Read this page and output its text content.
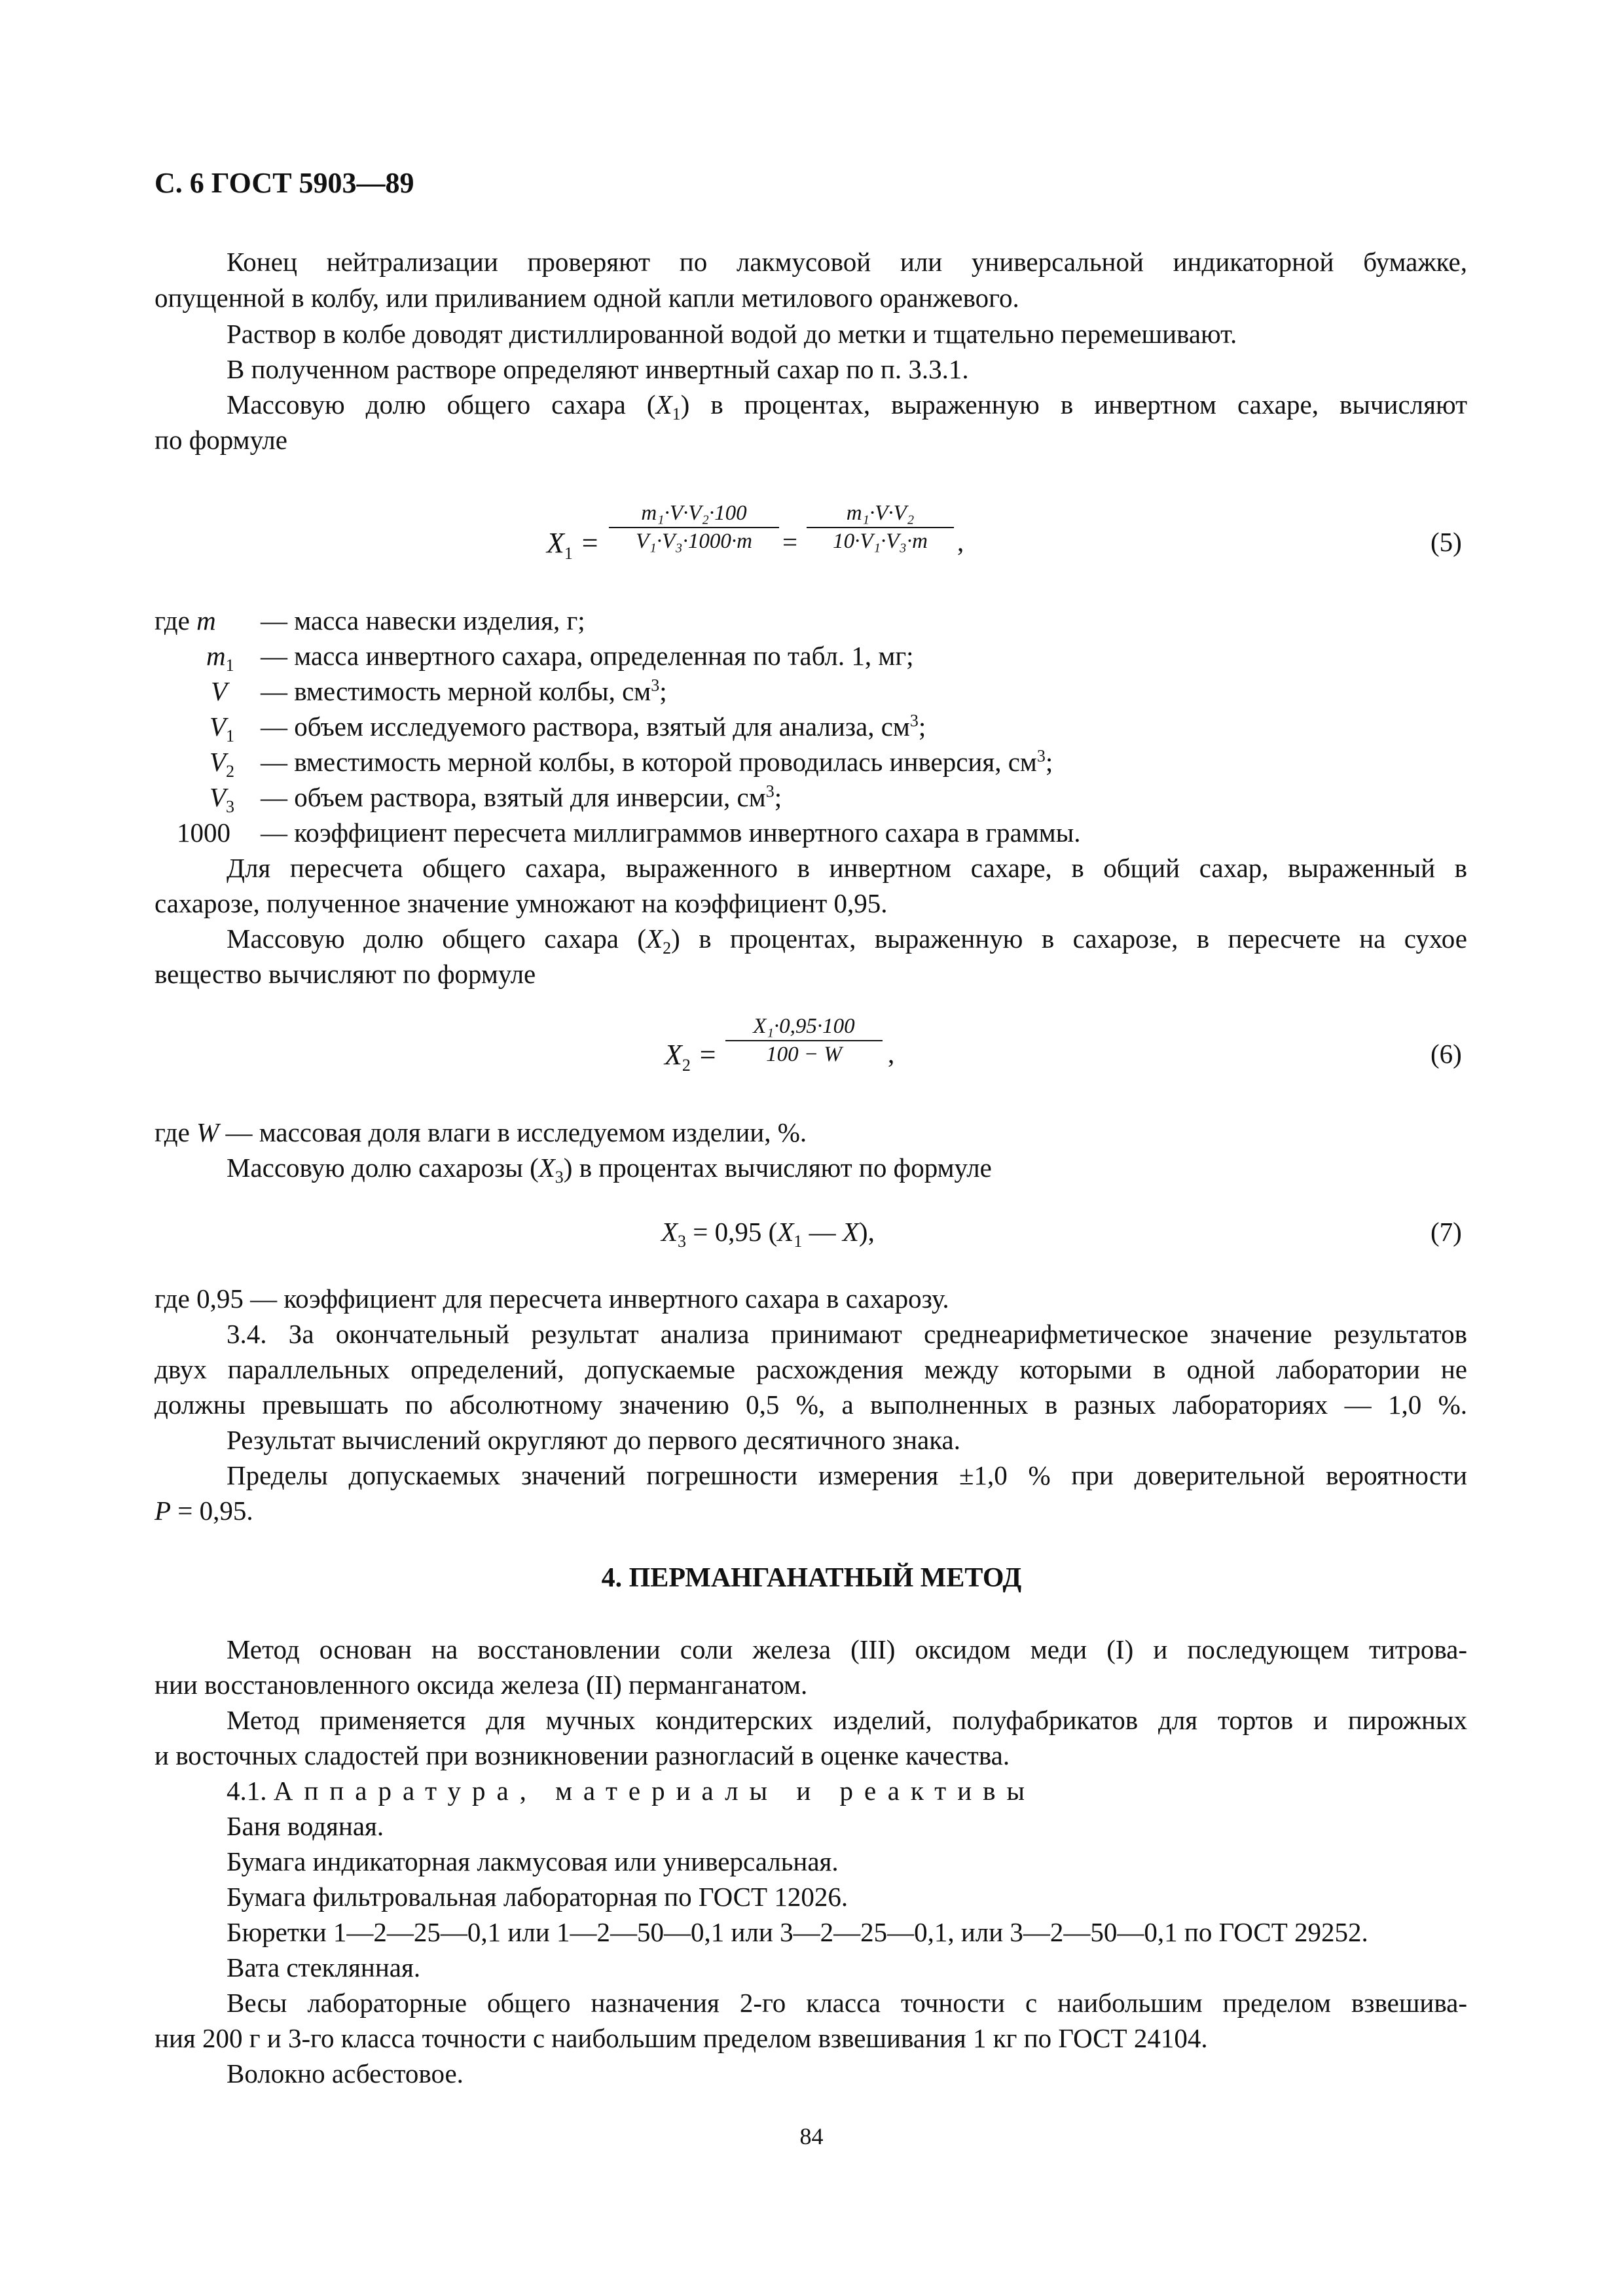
С. 6 ГОСТ 5903—89
Конец нейтрализации проверяют по лакмусовой или универсальной индикаторной бумажке,
опущенной в колбу, или приливанием одной капли метилового оранжевого.
Раствор в колбе доводят дистиллированной водой до метки и тщательно перемешивают.
В полученном растворе определяют инвертный сахар по п. 3.3.1.
Массовую долю общего сахара $(X_1)$ в процентах, выраженную в инвертном сахаре, вычисляют
по формуле
$X_1 = \frac{\text{m₁·V·V₂·100}}{\text{V₁·V₃·1000·m}} = \frac{\text{m₁·V·V₂}}{\text{10·V₁·V₃·m}}$ ,	(5)
где m — масса навески изделия, г;
$m_1$ — масса инвертного сахара, определенная по табл. 1, мг;
V — вместимость мерной колбы, $см^3$;
$V_1$ — объем исследуемого раствора, взятый для анализа, $см^3$;
$V_2$ — вместимость мерной колбы, в которой проводилась инверсия, $см^3$;
$V_3$ — объем раствора, взятый для инверсии, $см^3$;
1000 — коэффициент пересчета миллиграммов инвертного сахара в граммы.
Для пересчета общего сахара, выраженного в инвертном сахаре, в общий сахар, выраженный в
сахарозе, полученное значение умножают на коэффициент 0,95.
Массовую долю общего сахара $(X_2)$ в процентах, выраженную в сахарозе, в пересчете на сухое
вещество вычисляют по формуле
$X_2 = \frac{\text{X₁·0,95·100}}{100 - W}$ ,	(6)
где W — массовая доля влаги в исследуемом изделии, %.
Массовую долю сахарозы $(X_3)$ в процентах вычисляют по формуле
$X_3 = 0,95$ ($X_1$ — X),	(7)
где 0,95 — коэффициент для пересчета инвертного сахара в сахарозу.
3.4. За окончательный результат анализа принимают среднеарифметическое значение результатов
двух параллельных определений, допускаемые расхождения между которыми в одной лаборатории не
должны превышать по абсолютному значению 0,5 %, а выполненных в разных лабораториях — 1,0 %.
Результат вычислений округляют до первого десятичного знака.
Пределы допускаемых значений погрешности измерения ±1,0 % при доверительной вероятности
P = 0,95.
4. ПЕРМАНГАНАТНЫЙ МЕТОД
Метод основан на восстановлении соли железа (III) оксидом меди (I) и последующем титрова-
нии восстановленного оксида железа (II) перманганатом.
Метод применяется для мучных кондитерских изделий, полуфабрикатов для тортов и пирожных
и восточных сладостей при возникновении разногласий в оценке качества.
4.1. Аппаратура, материалы и реактивы
Баня водяная.
Бумага индикаторная лакмусовая или универсальная.
Бумага фильтровальная лабораторная по ГОСТ 12026.
Бюретки 1—2—25—0,1 или 1—2—50—0,1 или 3—2—25—0,1, или 3—2—50—0,1 по ГОСТ 29252.
Вата стеклянная.
Весы лабораторные общего назначения 2-го класса точности с наибольшим пределом взвешива-
ния 200 г и 3-го класса точности с наибольшим пределом взвешивания 1 кг по ГОСТ 24104.
Волокно асбестовое.
84
